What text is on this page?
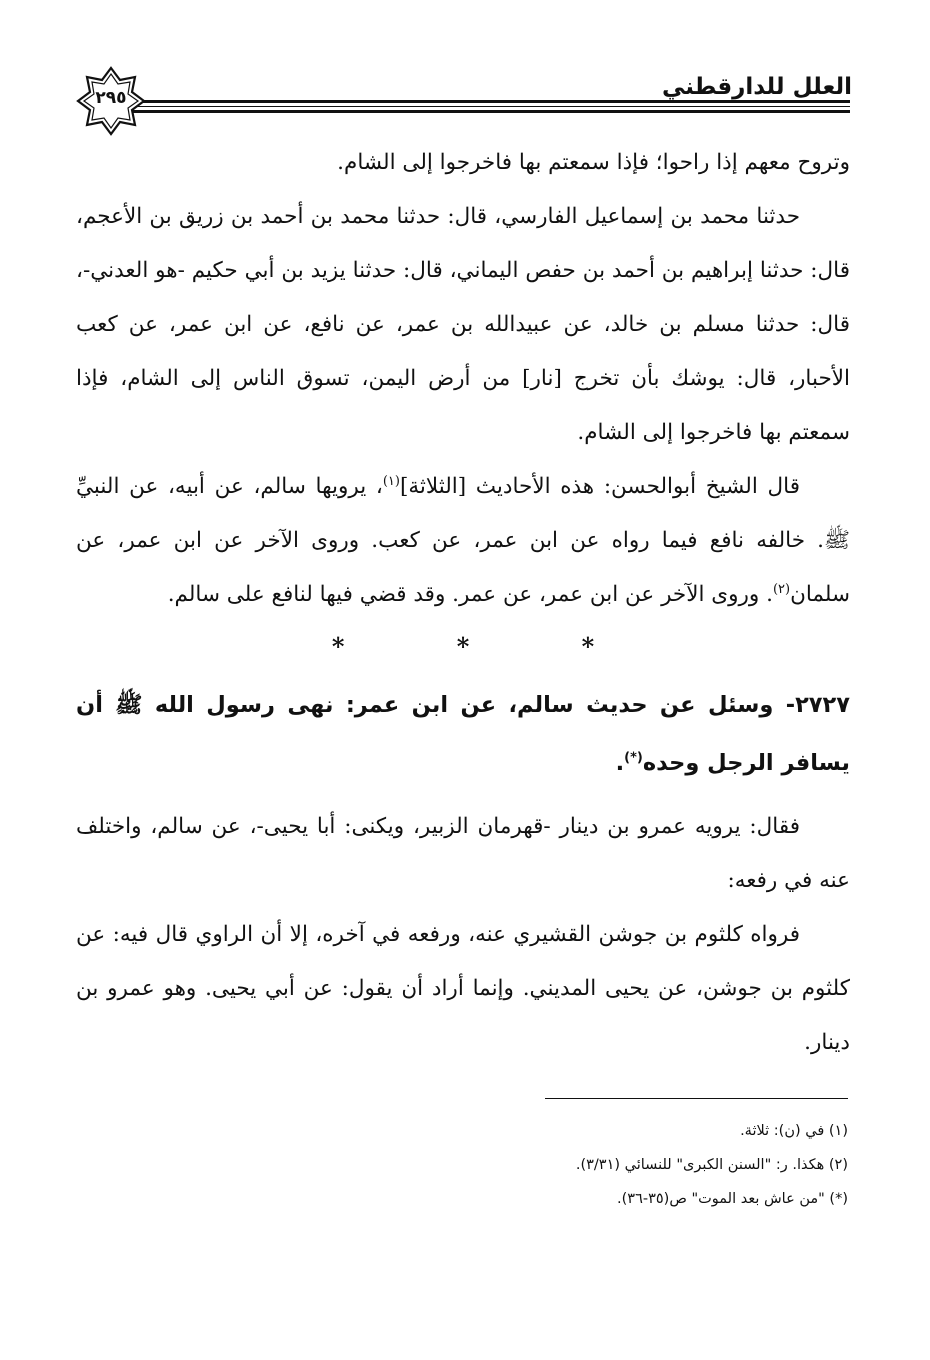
العلل للدارقطني
٢٩٥

وتروح معهم إذا راحوا؛ فإذا سمعتم بها فاخرجوا إلى الشام.

حدثنا محمد بن إسماعيل الفارسي، قال: حدثنا محمد بن أحمد بن زريق بن الأعجم، قال: حدثنا إبراهيم بن أحمد بن حفص اليماني، قال: حدثنا يزيد بن أبي حكيم -هو العدني-، قال: حدثنا مسلم بن خالد، عن عبيدالله بن عمر، عن نافع، عن ابن عمر، عن كعب الأحبار، قال: يوشك بأن تخرج [نار] من أرض اليمن، تسوق الناس إلى الشام، فإذا سمعتم بها فاخرجوا إلى الشام.

قال الشيخ أبوالحسن: هذه الأحاديث [الثلاثة]$^{(١)}$، يرويها سالم، عن أبيه، عن النبيِّ ﷺ. خالفه نافع فيما رواه عن ابن عمر، عن كعب. وروى الآخر عن ابن عمر، عن سلمان$^{(٢)}$. وروى الآخر عن ابن عمر، عن عمر. وقد قضي فيها لنافع على سالم.

* * *

٢٧٢٧- وسئل عن حديث سالم، عن ابن عمر: نهى رسول الله ﷺ أن يسافر الرجل وحده(*).

فقال: يرويه عمرو بن دينار -قهرمان الزبير، ويكنى: أبا يحيى-، عن سالم، واختلف عنه في رفعه:

فرواه كلثوم بن جوشن القشيري عنه، ورفعه في آخره، إلا أن الراوي قال فيه: عن كلثوم بن جوشن، عن يحيى المديني. وإنما أراد أن يقول: عن أبي يحيى. وهو عمرو بن دينار.

(١) في (ن): ثلاثة.
(٢) هكذا. ر: "السنن الكبرى" للنسائي (٣/٣١).
(*) "من عاش بعد الموت" ص(٣٥-٣٦).
